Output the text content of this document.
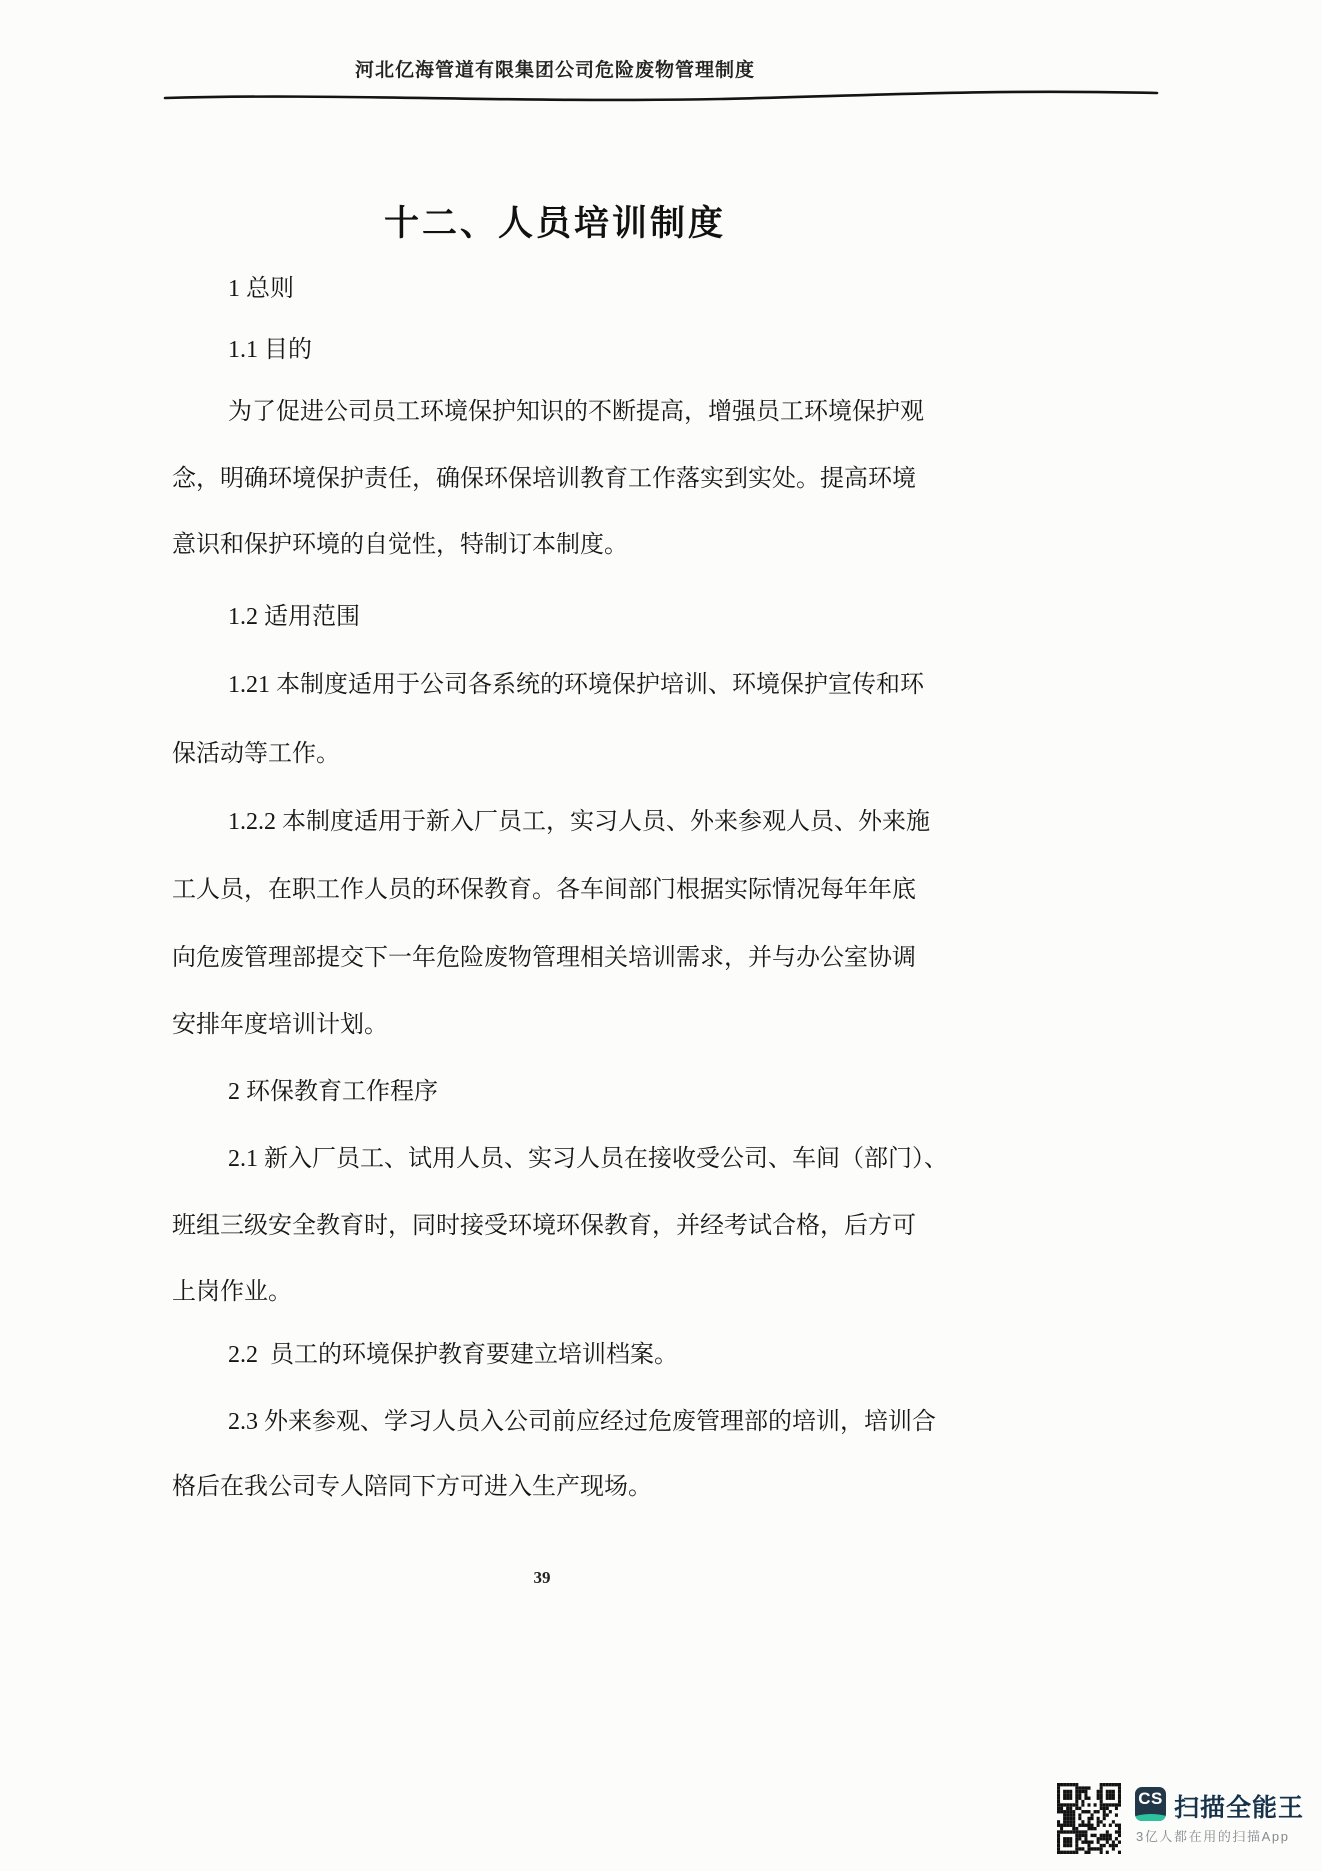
河北亿海管道有限集团公司危险废物管理制度
十二、人员培训制度
1 总则
1.1 目的
为了促进公司员工环境保护知识的不断提高，增强员工环境保护观
念，明确环境保护责任，确保环保培训教育工作落实到实处。提高环境
意识和保护环境的自觉性，特制订本制度。
1.2 适用范围
1.21 本制度适用于公司各系统的环境保护培训、环境保护宣传和环
保活动等工作。
1.2.2 本制度适用于新入厂员工，实习人员、外来参观人员、外来施
工人员，在职工作人员的环保教育。各车间部门根据实际情况每年年底
向危废管理部提交下一年危险废物管理相关培训需求，并与办公室协调
安排年度培训计划。
2 环保教育工作程序
2.1 新入厂员工、试用人员、实习人员在接收受公司、车间（部门）、
班组三级安全教育时，同时接受环境环保教育，并经考试合格，后方可
上岗作业。
2.2  员工的环境保护教育要建立培训档案。
2.3 外来参观、学习人员入公司前应经过危废管理部的培训，培训合
格后在我公司专人陪同下方可进入生产现场。
39
CS 扫描全能王
3亿人都在用的扫描App
